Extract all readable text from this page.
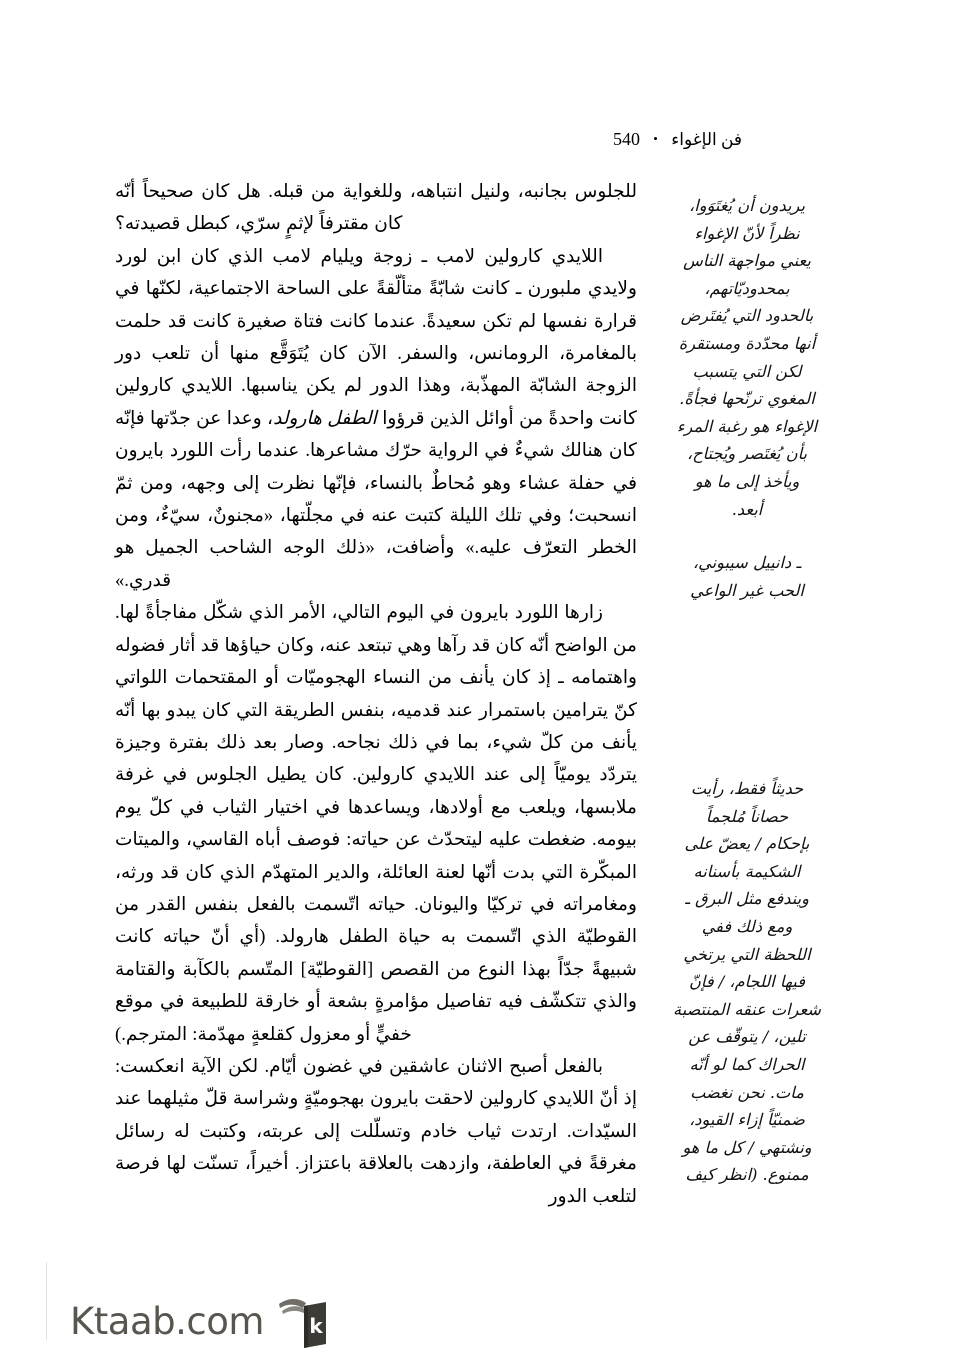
فن الإغواء • 540

للجلوس بجانبه، ولنيل انتباهه، وللغواية من قبله. هل كان صحيحاً أنّه كان مقترفاً لإثمٍ سرّي، كبطل قصيدته؟

اللايدي كارولين لامب ـ زوجة ويليام لامب الذي كان ابن لورد ولايدي ملبورن ـ كانت شابّةً متألّقةً على الساحة الاجتماعية، لكنّها في قرارة نفسها لم تكن سعيدةً. عندما كانت فتاة صغيرة كانت قد حلمت بالمغامرة، الرومانس، والسفر. الآن كان يُتَوَقَّع منها أن تلعب دور الزوجة الشابّة المهذّبة، وهذا الدور لم يكن يناسبها. اللايدي كارولين كانت واحدةً من أوائل الذين قرؤوا الطفل هارولد، وعدا عن جدّتها فإنّه كان هنالك شيءٌ في الرواية حرّك مشاعرها. عندما رأت اللورد بايرون في حفلة عشاء وهو مُحاطٌ بالنساء، فإنّها نظرت إلى وجهه، ومن ثمّ انسحبت؛ وفي تلك الليلة كتبت عنه في مجلّتها، «مجنونٌ، سيّءٌ، ومن الخطر التعرّف عليه.» وأضافت، «ذلك الوجه الشاحب الجميل هو قدري.»

زارها اللورد بايرون في اليوم التالي، الأمر الذي شكّل مفاجأةً لها. من الواضح أنّه كان قد رآها وهي تبتعد عنه، وكان حياؤها قد أثار فضوله واهتمامه ـ إذ كان يأنف من النساء الهجوميّات أو المقتحمات اللواتي كنّ يترامين باستمرار عند قدميه، بنفس الطريقة التي كان يبدو بها أنّه يأنف من كلّ شيء، بما في ذلك نجاحه. وصار بعد ذلك بفترة وجيزة يتردّد يوميّاً إلى عند اللايدي كارولين. كان يطيل الجلوس في غرفة ملابسها، ويلعب مع أولادها، ويساعدها في اختيار الثياب في كلّ يوم بيومه. ضغطت عليه ليتحدّث عن حياته: فوصف أباه القاسي، والميتات المبكّرة التي بدت أنّها لعنة العائلة، والدير المتهدّم الذي كان قد ورثه، ومغامراته في تركيّا واليونان. حياته اتّسمت بالفعل بنفس القدر من القوطيّة الذي اتّسمت به حياة الطفل هارولد. (أي أنّ حياته كانت شبيهةً جدّاً بهذا النوع من القصص [القوطيّة] المتّسم بالكآبة والقتامة والذي تتكشّف فيه تفاصيل مؤامرةٍ بشعة أو خارقة للطبيعة في موقع خفيٍّ أو معزول كقلعةٍ مهدّمة: المترجم.)

بالفعل أصبح الاثنان عاشقين في غضون أيّام. لكن الآية انعكست: إذ أنّ اللايدي كارولين لاحقت بايرون بهجوميّةٍ وشراسة قلّ مثيلهما عند السيّدات. ارتدت ثياب خادم وتسلّلت إلى عربته، وكتبت له رسائل مغرقةً في العاطفة، وازدهت بالعلاقة باعتزاز. أخيراً، تسنّت لها فرصة لتلعب الدور

يريدون أن يُغتَوَوا،
نظراً لأنّ الإغواء
يعني مواجهة الناس
بمحدوديّاتهم،
بالحدود التي يُفتَرض
أنها محدّدة ومستقرة
لكن التي يتسبب
المغوي ترنّحها فجأةً.
الإغواء هو رغبة المرء
بأن يُغتَصر ويُجتاح،
ويأخذ إلى ما هو
أبعد.
ـ دانييل سيبوني،
الحب غير الواعي
حديثاً فقط، رأيت
حصاناً مُلجماً
بإحكام / يعضّ على
الشكيمة بأسنانه
ويندفع مثل البرق ـ
ومع ذلك ففي
اللحظة التي يرتخي
فيها اللجام، / فإنّ
شعرات عنقه المنتصبة
تلين، / يتوقّف عن
الحراك كما لو أنّه
مات. نحن نغضب
ضمنيّاً إزاء القيود،
ونشتهي / كل ما هو
ممنوع. (انظر كيف
k
Ktaab.com
